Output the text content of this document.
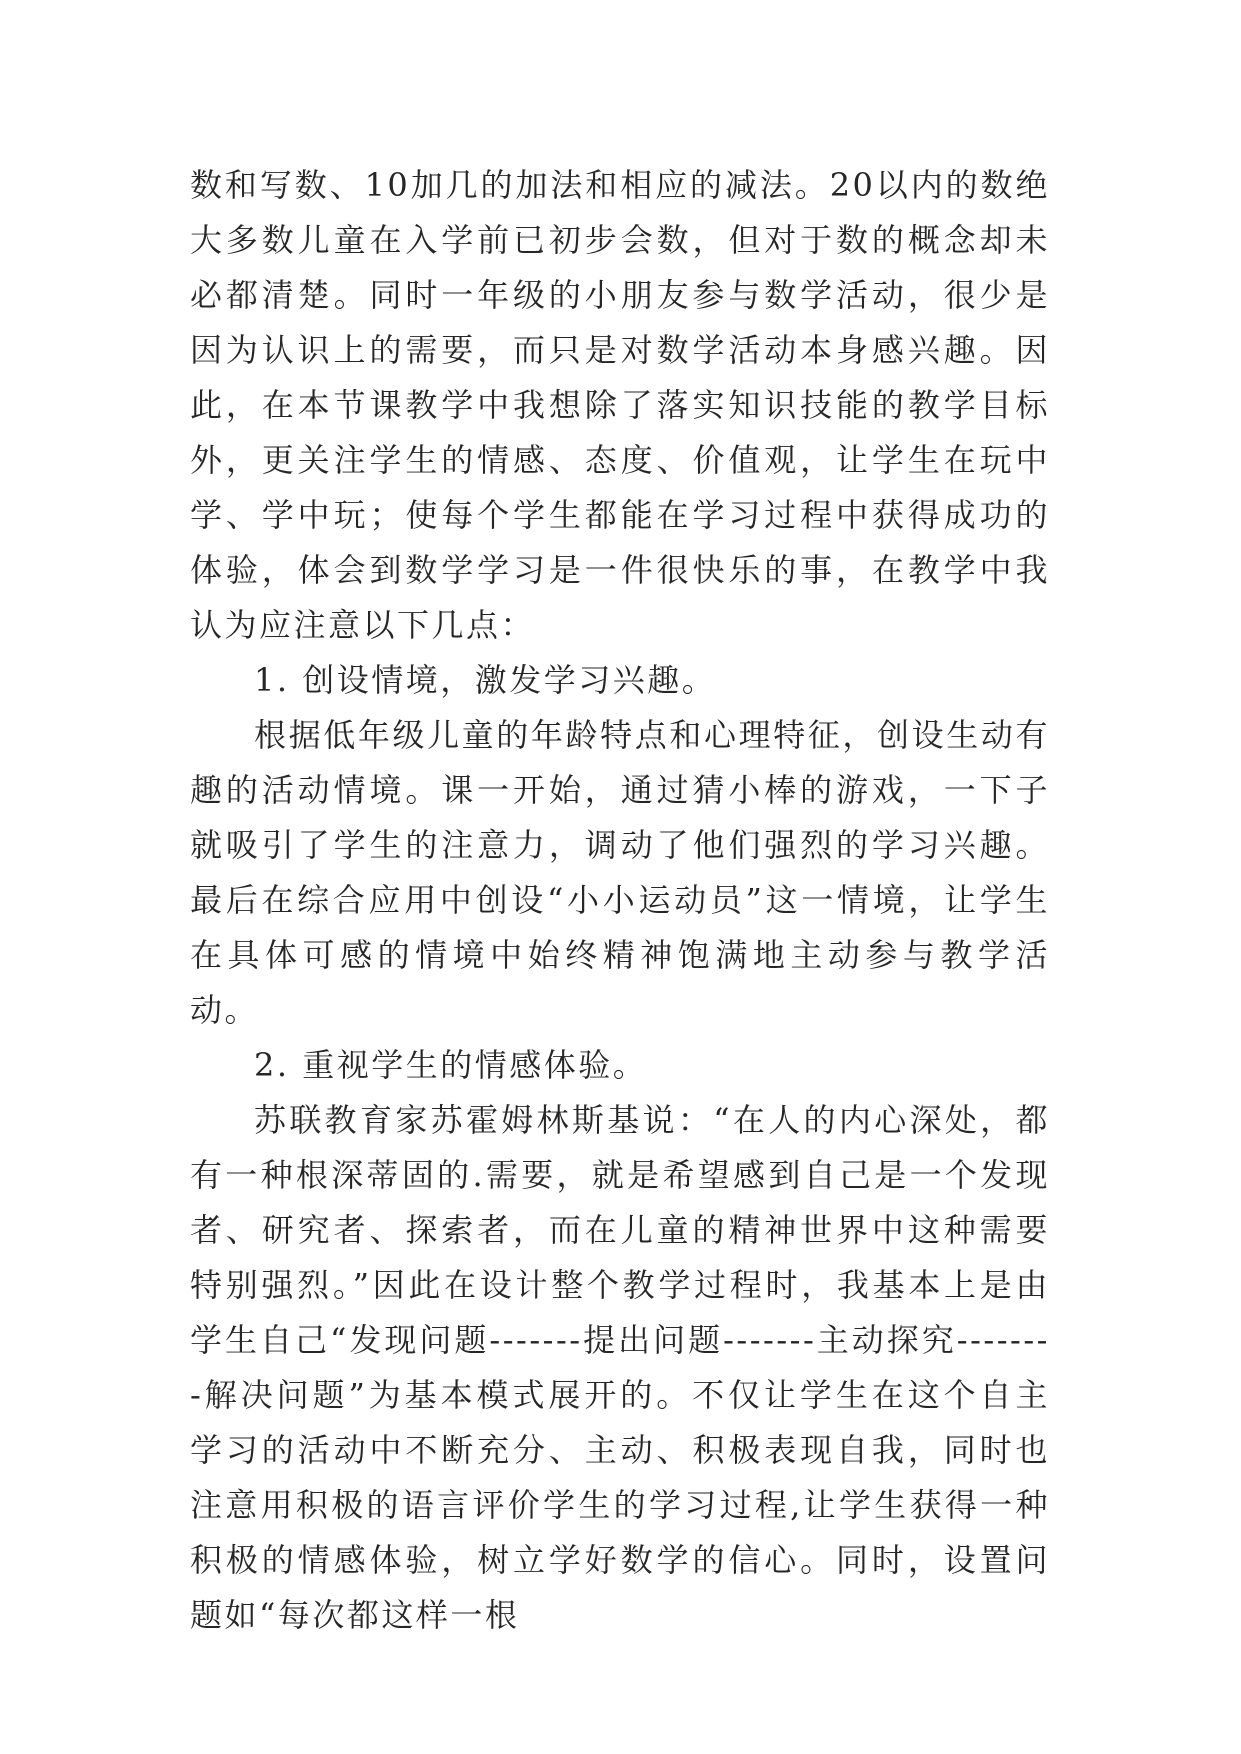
数和写数、10加几的加法和相应的减法。20以内的数绝大多数儿童在入学前已初步会数，但对于数的概念却未必都清楚。同时一年级的小朋友参与数学活动，很少是因为认识上的需要，而只是对数学活动本身感兴趣。因此，在本节课教学中我想除了落实知识技能的教学目标外，更关注学生的情感、态度、价值观，让学生在玩中学、学中玩；使每个学生都能在学习过程中获得成功的体验，体会到数学学习是一件很快乐的事，在教学中我认为应注意以下几点：

1. 创设情境，激发学习兴趣。

根据低年级儿童的年龄特点和心理特征，创设生动有趣的活动情境。课一开始，通过猜小棒的游戏，一下子就吸引了学生的注意力，调动了他们强烈的学习兴趣。最后在综合应用中创设“小小运动员”这一情境，让学生在具体可感的情境中始终精神饱满地主动参与教学活动。

2. 重视学生的情感体验。

苏联教育家苏霍姆林斯基说：“在人的内心深处，都有一种根深蒂固的.需要，就是希望感到自己是一个发现者、研究者、探索者，而在儿童的精神世界中这种需要特别强烈。”因此在设计整个教学过程时，我基本上是由学生自己“发现问题-------提出问题-------主动探究--------解决问题”为基本模式展开的。不仅让学生在这个自主学习的活动中不断充分、主动、积极表现自我，同时也注意用积极的语言评价学生的学习过程,让学生获得一种积极的情感体验，树立学好数学的信心。同时，设置问题如“每次都这样一根
